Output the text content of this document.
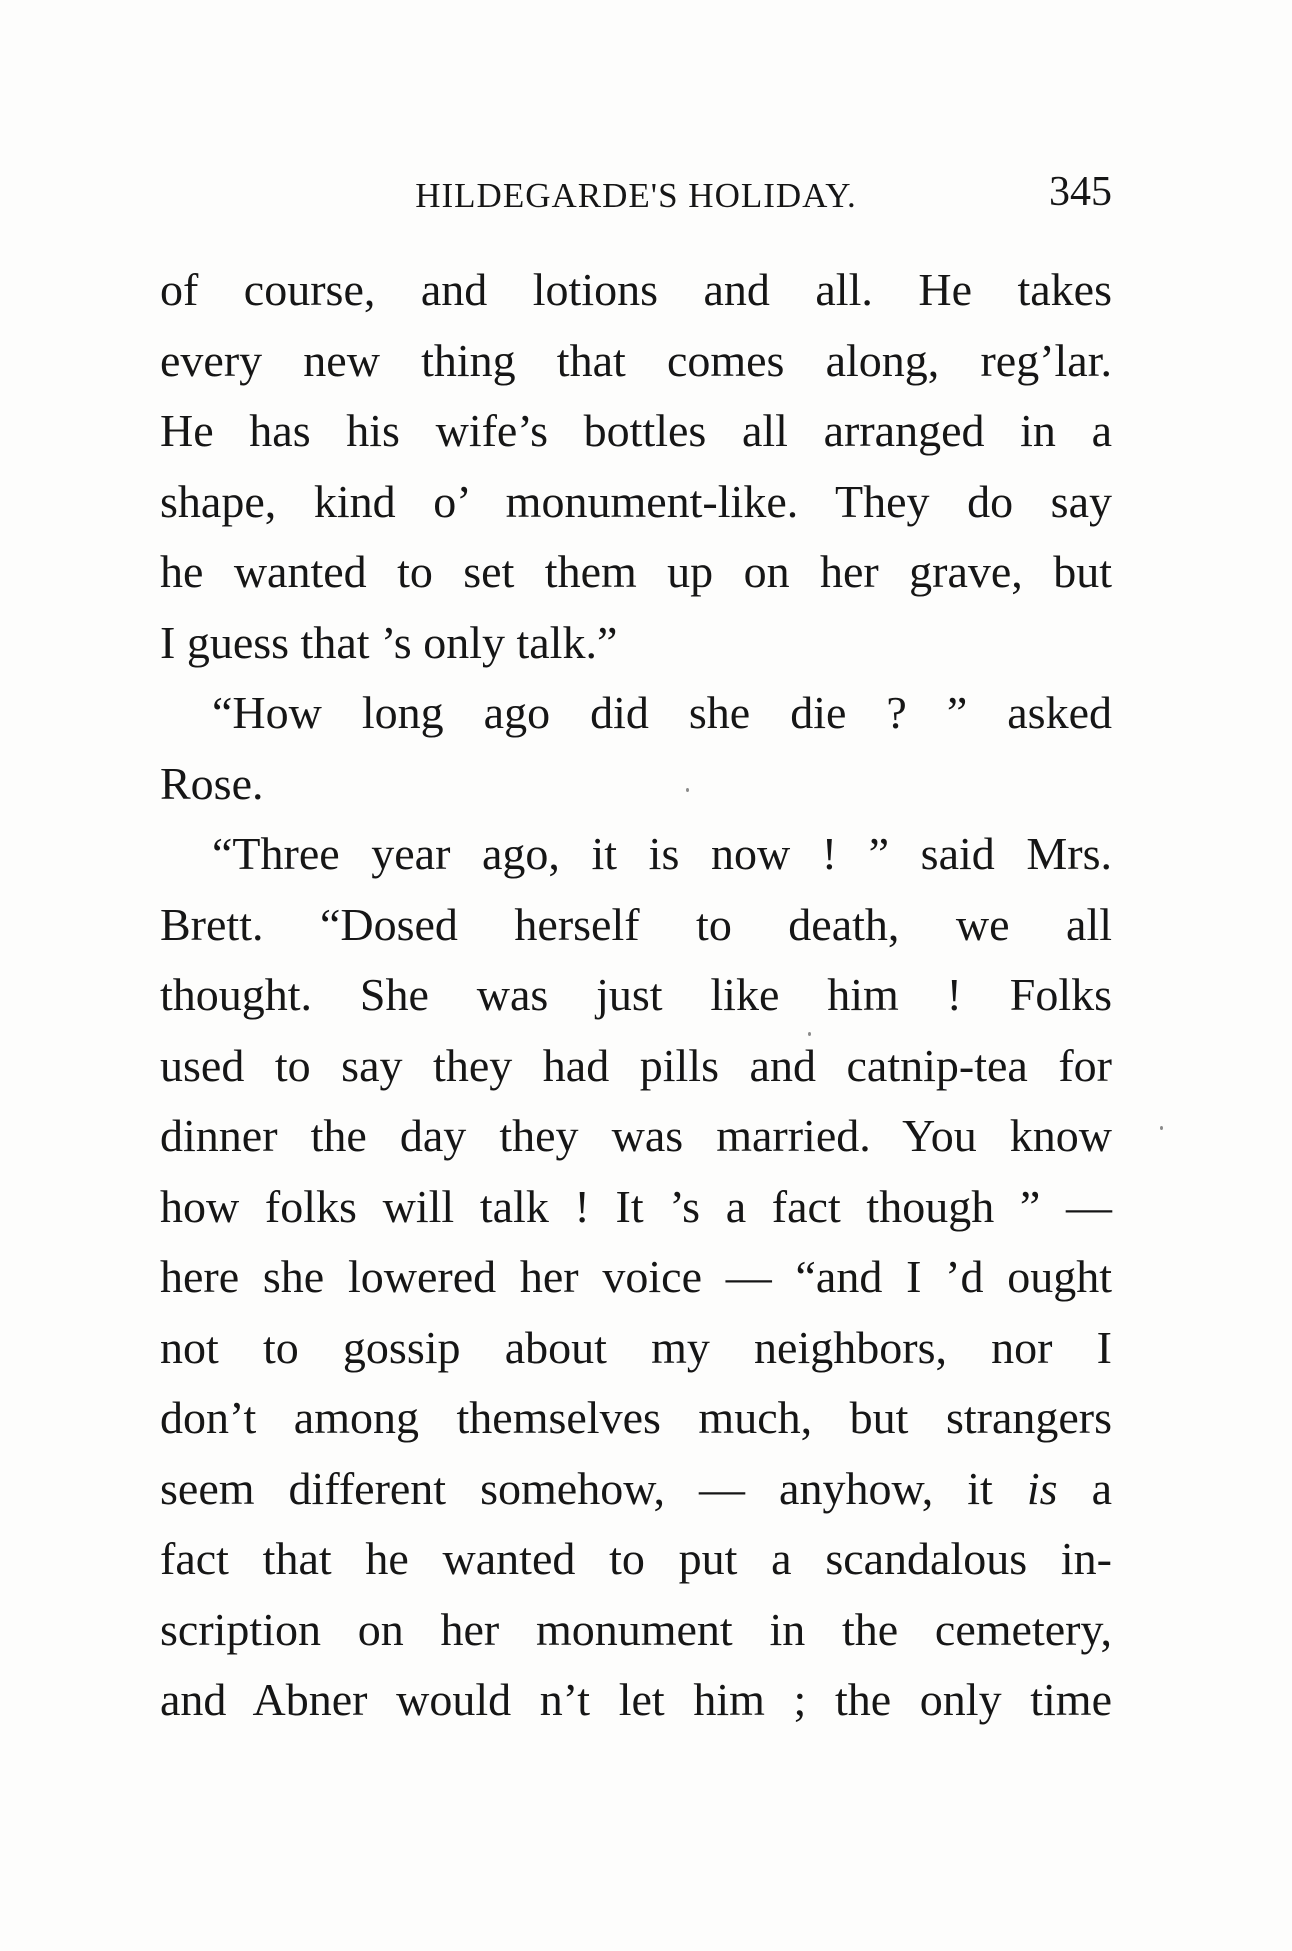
HILDEGARDE'S HOLIDAY.	345
of course, and lotions and all. He takes
every new thing that comes along, reg’lar.
He has his wife’s bottles all arranged in a
shape, kind o’ monument-like. They do say
he wanted to set them up on her grave, but
I guess that ’s only talk.”
“How long ago did she die ? ” asked
Rose.
“Three year ago, it is now ! ” said Mrs.
Brett. “Dosed herself to death, we all
thought. She was just like him ! Folks
used to say they had pills and catnip-tea for
dinner the day they was married. You know
how folks will talk ! It ’s a fact though ” —
here she lowered her voice — “and I ’d ought
not to gossip about my neighbors, nor I
don’t among themselves much, but strangers
seem different somehow, — anyhow, it is a
fact that he wanted to put a scandalous in-
scription on her monument in the cemetery,
and Abner would n’t let him ; the only time
